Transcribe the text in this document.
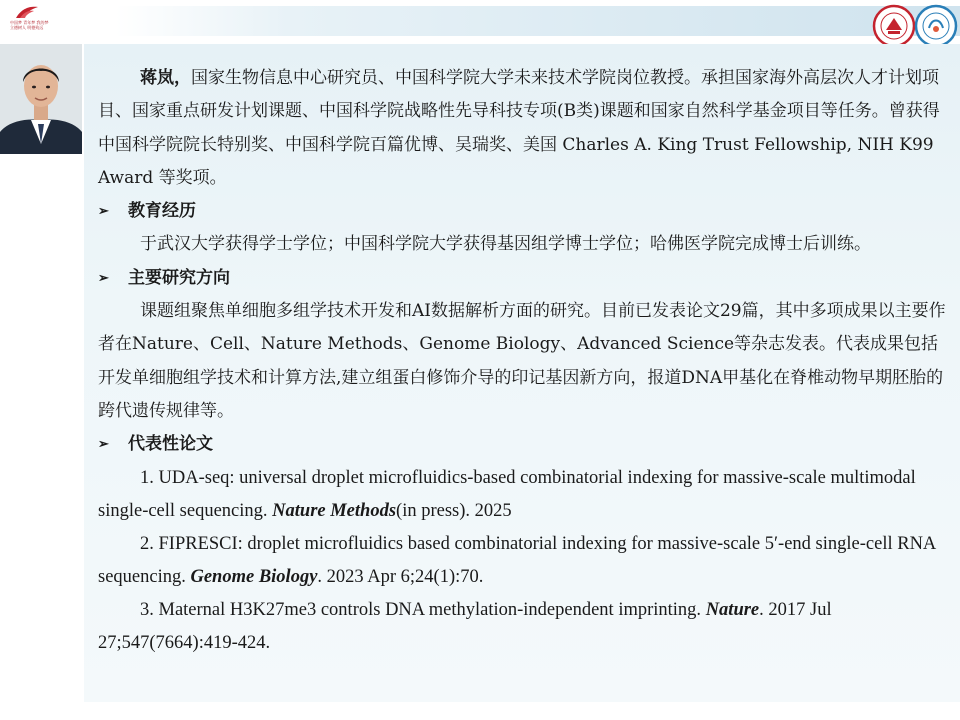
中国梦 青年梦 我的梦
立德树人 明德致远

蒋岚，国家生物信息中心研究员、中国科学院大学未来技术学院岗位教授。承担国家海外高层次人才计划项目、国家重点研发计划课题、中国科学院战略性先导科技专项(B类)课题和国家自然科学基金项目等任务。曾获得中国科学院院长特别奖、中国科学院百篇优博、吴瑞奖、美国 Charles A. King Trust Fellowship, NIH K99 Award 等奖项。

➢	教育经历

于武汉大学获得学士学位；中国科学院大学获得基因组学博士学位；哈佛医学院完成博士后训练。

➢	主要研究方向

课题组聚焦单细胞多组学技术开发和AI数据解析方面的研究。目前已发表论文29篇，其中多项成果以主要作者在Nature、Cell、Nature Methods、Genome Biology、Advanced Science等杂志发表。代表成果包括开发单细胞组学技术和计算方法,建立组蛋白修饰介导的印记基因新方向，报道DNA甲基化在脊椎动物早期胚胎的跨代遗传规律等。

➢	代表性论文

1. UDA-seq: universal droplet microfluidics-based combinatorial indexing for massive-scale multimodal single-cell sequencing. Nature Methods(in press). 2025

2. FIPRESCI: droplet microfluidics based combinatorial indexing for massive-scale 5′-end single-cell RNA sequencing. Genome Biology. 2023 Apr 6;24(1):70.

3. Maternal H3K27me3 controls DNA methylation-independent imprinting. Nature. 2017 Jul 27;547(7664):419-424.
